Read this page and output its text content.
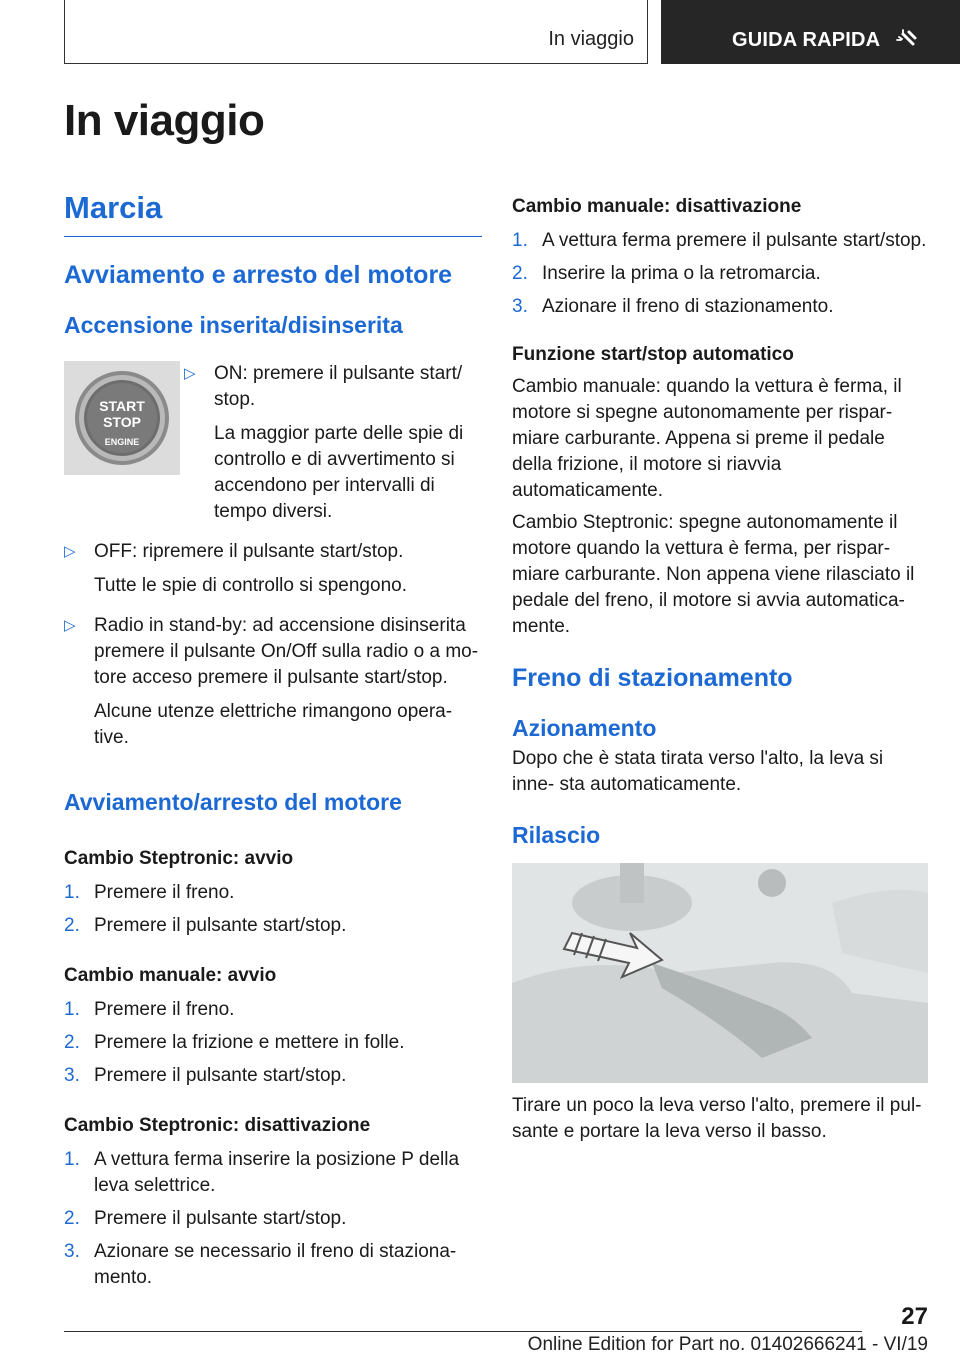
In viaggio	GUIDA RAPIDA
In viaggio
Marcia
Avviamento e arresto del motore
Accensione inserita/disinserita
START
STOP
ENGINE
▷ ON: premere il pulsante start/ stop.

La maggior parte delle spie di controllo e di avvertimento si accendono per intervalli di tempo diversi.

▷ OFF: ripremere il pulsante start/stop.

Tutte le spie di controllo si spengono.

▷ Radio in stand-by: ad accensione disinserita premere il pulsante On/Off sulla radio o a mo- tore acceso premere il pulsante start/stop.

Alcune utenze elettriche rimangono opera- tive.

Avviamento/arresto del motore

Cambio Steptronic: avvio

1. Premere il freno.
2. Premere il pulsante start/stop.

Cambio manuale: avvio

1. Premere il freno.
2. Premere la frizione e mettere in folle.
3. Premere il pulsante start/stop.

Cambio Steptronic: disattivazione

1. A vettura ferma inserire la posizione P della leva selettrice.
2. Premere il pulsante start/stop.
3. Azionare se necessario il freno di staziona- mento.

Cambio manuale: disattivazione

1. A vettura ferma premere il pulsante start/stop.
2. Inserire la prima o la retromarcia.
3. Azionare il freno di stazionamento.

Funzione start/stop automatico

Cambio manuale: quando la vettura è ferma, il motore si spegne autonomamente per rispar- miare carburante. Appena si preme il pedale della frizione, il motore si riavvia automaticamente.

Cambio Steptronic: spegne autonomamente il motore quando la vettura è ferma, per rispar- miare carburante. Non appena viene rilasciato il pedale del freno, il motore si avvia automatica- mente.

Freno di stazionamento
Azionamento

Dopo che è stata tirata verso l'alto, la leva si inne- sta automaticamente.

Rilascio

Tirare un poco la leva verso l'alto, premere il pul- sante e portare la leva verso il basso.

27
Online Edition for Part no. 01402666241 - VI/19
